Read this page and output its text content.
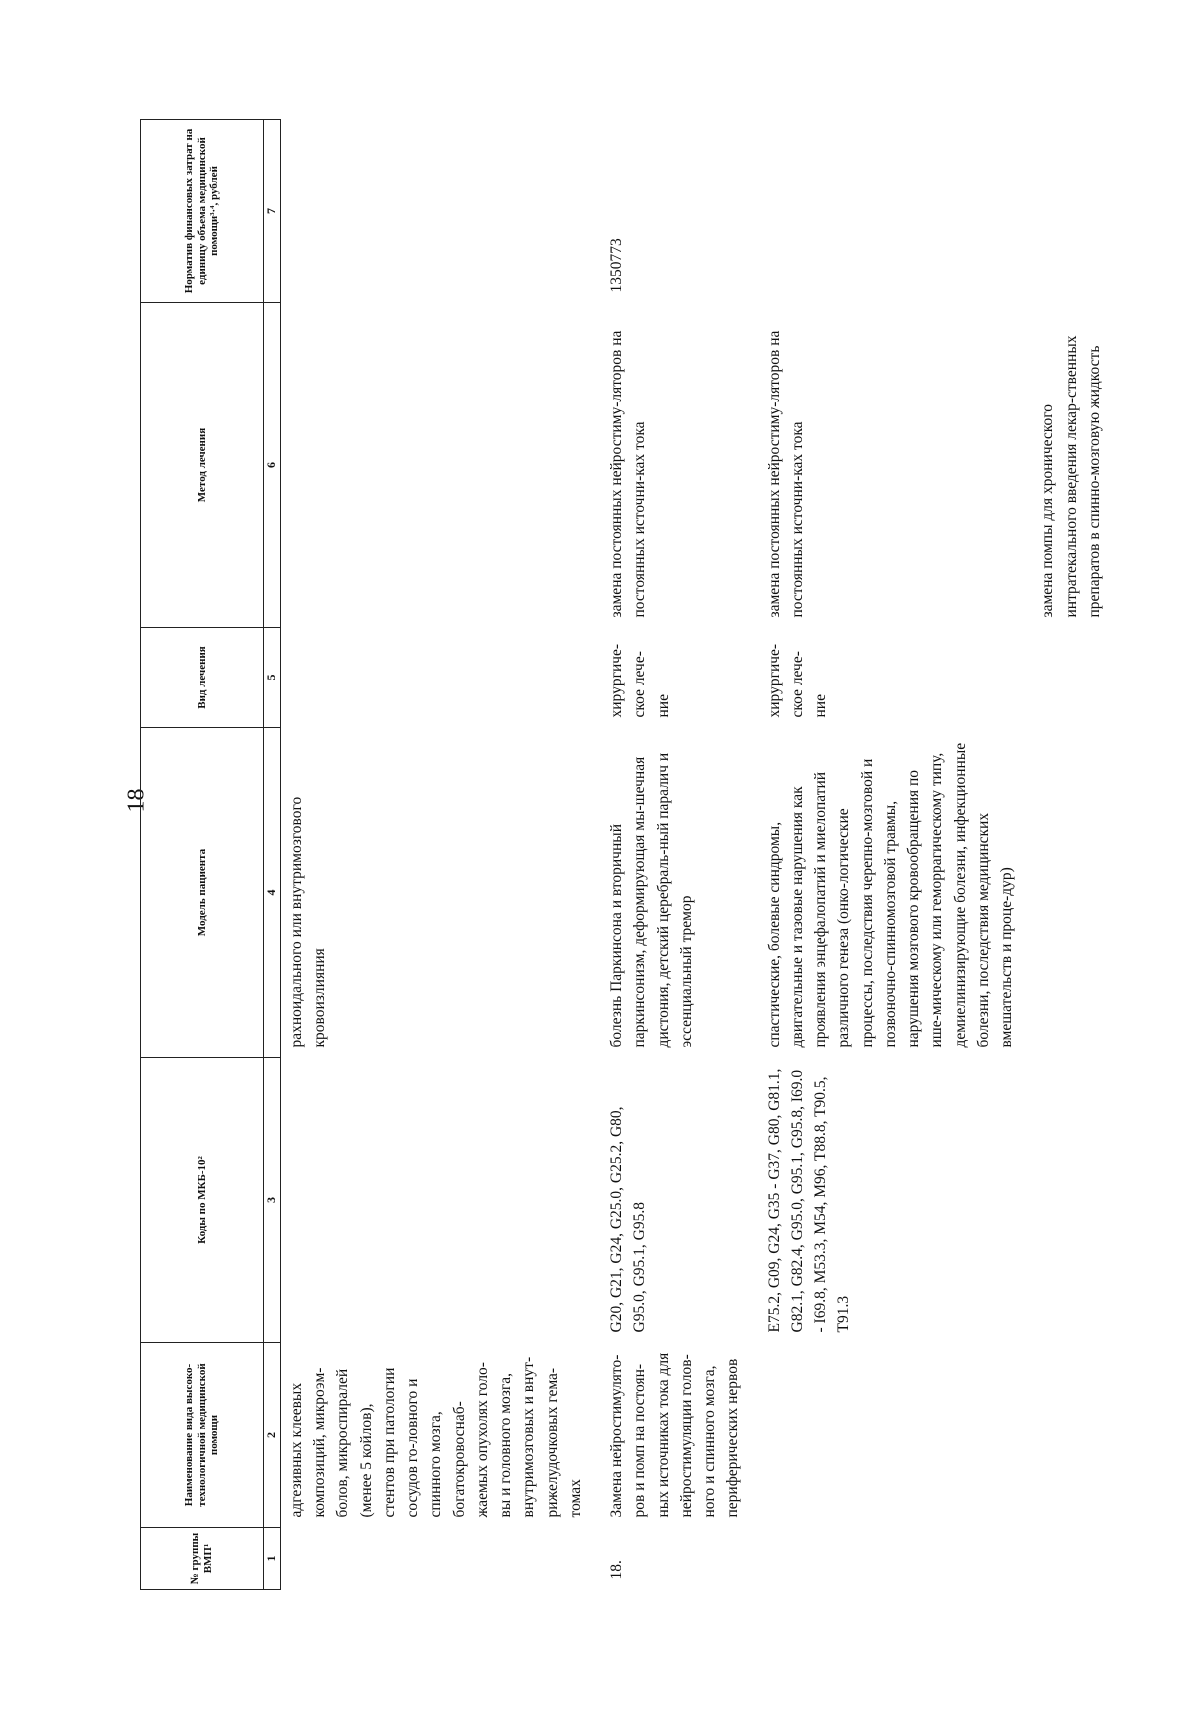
18
№ группы ВМП¹	Наименование вида высоко-технологичной медицинской помощи	Коды по МКБ-10²	Модель пациента	Вид лечения	Метод лечения	Норматив финансовых затрат на единицу объема медицинской помощи³·⁴, рублей
1	2	3	4	5	6	7
	адгезивных клеевых композиций, микроэм-болов, микроспиралей (менее 5 койлов), стентов при патологии сосудов го-ловного и спинного мозга, богатокровоснаб-жаемых опухолях голо-вы и головного мозга, внутримозговых и внут-рижелудочковых гема-томах		рахноидального или внутримозгового кровоизлияния			
18.	Замена нейростимулято-ров и помп на постоян-ных источниках тока для нейростимуляции голов-ного и спинного мозга, периферических нервов	G20, G21, G24, G25.0, G25.2, G80, G95.0, G95.1, G95.8	болезнь Паркинсона и вторичный паркинсонизм, деформирующая мы-шечная дистония, детский церебраль-ный паралич и эссенциальный тремор	хирургиче-ское лече-ние	замена постоянных нейростиму-ляторов на постоянных источни-ках тока	1350773
		E75.2, G09, G24, G35 - G37, G80, G81.1, G82.1, G82.4, G95.0, G95.1, G95.8, I69.0 - I69.8, M53.3, M54, M96, T88.8, T90.5, T91.3	спастические, болевые синдромы, двигательные и тазовые нарушения как проявления энцефалопатий и миелопатий различного генеза (онко-логические процессы, последствия черепно-мозговой и позвоночно-спинномозговой травмы, нарушения мозгового кровообращения по ише-мическому или геморрагическому типу, демиелинизирующие болезни, инфекционные болезни, последствия медицинских вмешательств и проце-дур)	хирургиче-ское лече-ние	замена постоянных нейростиму-ляторов на постоянных источни-ках тока	
					замена помпы для хронического интратекального введения лекар-ственных препаратов в спинно-мозговую жидкость	
